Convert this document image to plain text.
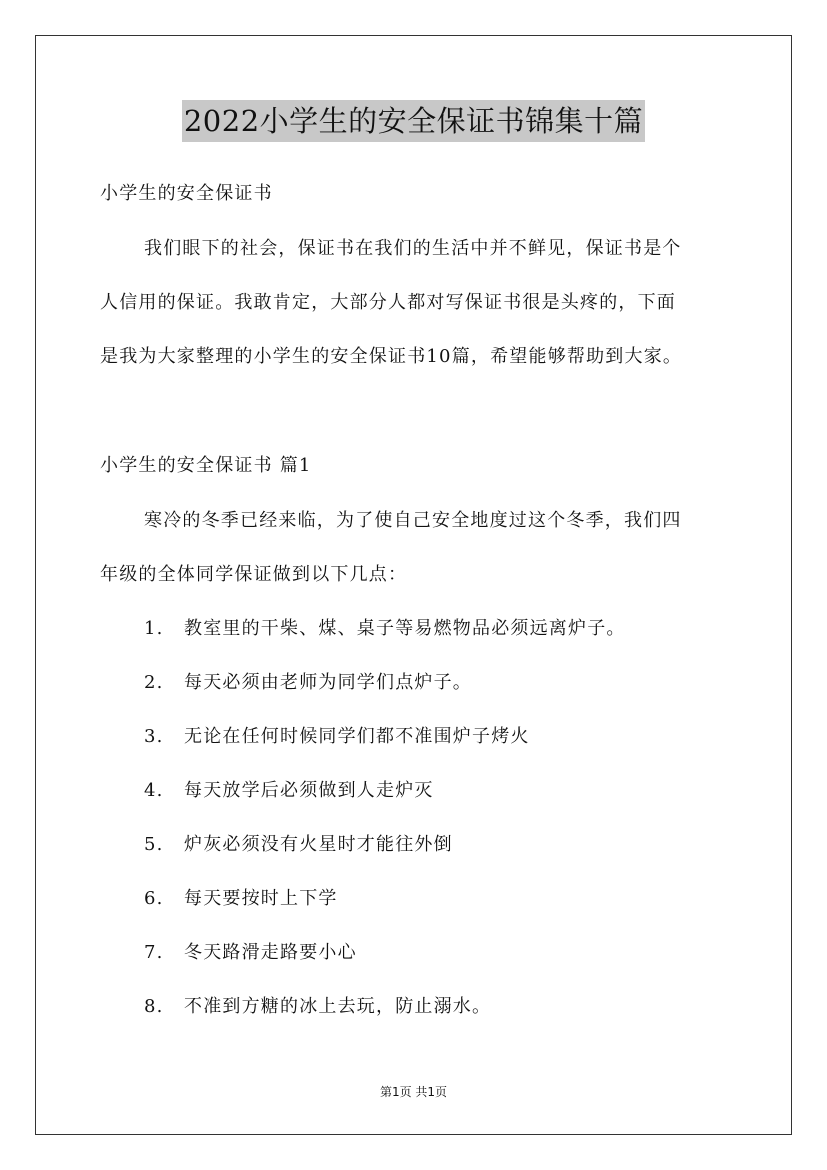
2022小学生的安全保证书锦集十篇
小学生的安全保证书
我们眼下的社会，保证书在我们的生活中并不鲜见，保证书是个
人信用的保证。我敢肯定，大部分人都对写保证书很是头疼的，下面
是我为大家整理的小学生的安全保证书10篇，希望能够帮助到大家。
小学生的安全保证书 篇1
寒冷的冬季已经来临，为了使自己安全地度过这个冬季，我们四
年级的全体同学保证做到以下几点：
1. 教室里的干柴、煤、桌子等易燃物品必须远离炉子。
2. 每天必须由老师为同学们点炉子。
3. 无论在任何时候同学们都不准围炉子烤火
4. 每天放学后必须做到人走炉灭
5. 炉灰必须没有火星时才能往外倒
6. 每天要按时上下学
7. 冬天路滑走路要小心
8. 不准到方糖的冰上去玩，防止溺水。
第1页 共1页
